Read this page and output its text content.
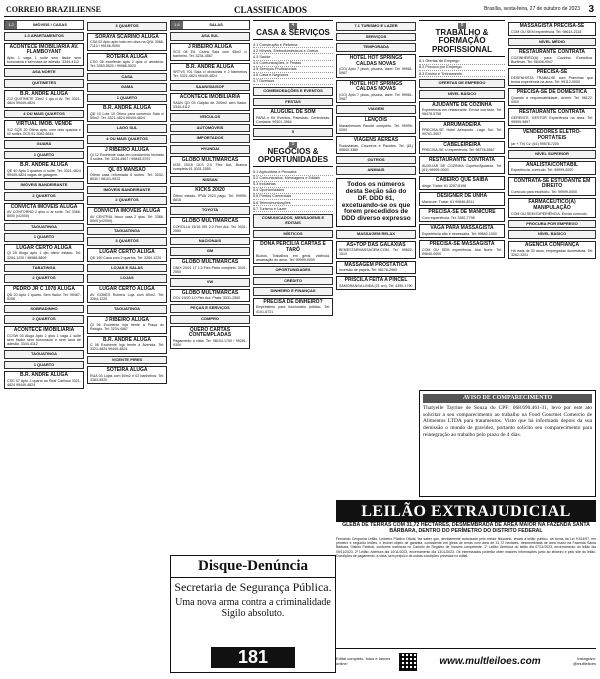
CORREIO BRAZILIENSE	CLASSIFICADOS	Brasília, sexta-feira, 27 de outubro de 2023 3
1.2	IMÓVEIS / CASAS
1.3 APARTAMENTOS
ACONTECE IMOBILIÁRIA AV. FLAMBOYANT
Apto 1 vaga 1 suíte sem fiador sem burocracia e sem taxa de adesão. 3344-4112
ASA NORTE
QUITINETES
B.R. ANDRE ALUGA
212 QUITINETE 33m2 1 qto c/ Ar. Tel: 3321-4824 99449-4824
4 OU MAIS QUARTOS
VIRTUAL IMOB. VENDE
312 SQS 20 Ótima apto, com dois quartos e 02 suítes OCS 61 3082-6644
GUARÁ
1 QUARTO
B.R. ANDRE ALUGA
QE 40 Apto 3 quartos c/ suíte. Tel: 3321-4824 99449-4824 vagas de garagem.
IMÓVEIS BANDEIRANTE
2 QUARTOS
CONVICTA IMÓVEIS ALUGA
AV CONTORNO 2 qtos c/ ar suíte. Tel: 3366-8000 (c/2000)
TAGUATINGA
1 QUARTO
LUGAR CERTO ALUGA
QI 25 Alugo apto 1 qto ótimo estado. Tel: 3264-1220 / 98988-8809
TABATINGA
2 QUARTOS
PEDRO JR C 1078 ALUGA
QD 20 Apto 1 quarto. Sem fiador. Tel: 99467-5258
SOBRADINHO
2 QUARTOS
ACONTECE IMOBILIÁRIA
CCSW 03 Alugo Apto 2 qtos 1 vaga 1 suíte sem fiador sem burocracia e sem taxa de adesão. 3344-4112
TAGUATINGA
1 QUARTO
B.R. ANDRE ALUGA
CSG 07 Apto 1 quarto ao Real Cariloca 3321-4824 99449-4824
3 QUARTOS
SORAYA SCARINO ALUGA
CSA 02 Apto apto todo em obra na QNL 3066-7110 / 99166-9090
ROTEIRA ALUGA
CSG 08 excelente apto 2 qtos c/ armários. Tel: 3363-5520 / 99986-5520
CASA
GAMA
1 QUARTO
B.R. ANDRE ALUGA
QD 10 Lote 10 Ótimo para comércio Sala c/ 50m2. Tel: 3321-4824 99449-4824
LAGO SUL
4 OU MAIS QUARTOS
J RIBEIRO ALUGA
QI 12 Excelente casa em condomínio fechado 4 suítes. Tel: 3234-4567 / 99845-6767
QL 03 MANSÃO
Ótima casa reformada 6 suítes. Tel: 3032-8030 / 98101-9923
IMÓVEIS BANDEIRANTE
2 QUARTOS
CONVICTA IMÓVEIS ALUGA
AV CENTRAL bloco casa 2 qtos. Tel: 3366-8000 (c/2000)
TAGUATINGA
3 QUARTOS
LUGAR CERTO ALUGA
QD 150 Casa com 2 quartos. Tel: 3264-1220
LOJAS E SALAS
LOJAS
LUGAR CERTO ALUGA
AV GOMES Rubens Loja com 80m2. Tel: 3264-1220
TAGUATINGA
J RIBEIRO ALUGA
QI 06 Excelente loja frente à Praça do Relógio. Tel: 3234-4567
B.R. ANDRE ALUGA
C 06 Excelente loja frente à Avenida. Tel: 3321-4824 99449-4824
VICENTE PIRES
SOTEIRA ALUGA
RUA 03 Lojas com 60m2 e 02 banheiros. Tel: 3363-5520
1.6	SALAS
ASA SUL
J RIBEIRO ALUGA
SCS 08 Ed. Ceará Sala com 45m2 c/ banheiro. Tel: 3234-4567
B.R. ANDRE ALUGA
SRTVS 701 Sala c/ divisórias e 2 banheiros Tel: 3321-4824 99449-4824
SAAN/SIA/SOF
ACONTECE IMOBILIÁRIA
SAAN QD 03 Galpão de 200m2 sem fiador. 3344-4112
VEÍCULOS
AUTOMÓVEIS
IMPORTADOS
HYUNDAI
GLOBO MULTIMARCAS
IX35 15/16 GLS 2.0 Flex Aut. Branca completa 61 3031-2550
NISSAN
KICKS 20/20
Ótimo estado, IPVA 2023 pago. Tel: 99999-6816
TOYOTA
GLOBO MULTIMARCAS
COROLLA 15/16 XEi 2.0 Flex Aut. Tel: 3031-2550
NACIONAIS
GM
GLOBO MULTIMARCAS
ONIX 20/21 LT 1.0 Flex Preto completo. 3031-2550
VW
GLOBO MULTIMARCAS
GOL 19/20 1.0 Flex Aut. Prata. 3031-2550
PEÇAS E SERVIÇOS
COMPRO
QUERO CARTAS CONTEMPLADAS
Pagamento à vista. Tel: 98104-1700 / 99261-9300
4
CASA & SERVIÇOS
4.1 Construção e Reforma
4.2 Móveis, Eletrodomésticos e Outros
4.3 Saúde
4.4 Comunicações, e Festas
4.5 Serviços Profissionais
4.6 Casa e Negócios
4.7 Diversos
COMEMORAÇÕES E EVENTOS
FESTAS
ALUGUEL DE SOM
PARA e Kit Eventos, Palestras, Cerimônias. Contatos: 99301-3564
5
5
NEGÓCIOS & OPORTUNIDADES
5.1 Agricultura e Pecuária
5.2 Comunicados, Mensagens e Editais
5.3 Indústrias
5.4 Oportunidades
5.5 Pontos Comerciais
5.6 Telecomunicações
5.7 Turismo e Lazer
COMUNICADOS, MENSAGENS E EDITAIS
MÍSTICOS
DONA PERCÍLIA CARTAS E TARÔ
Búzios, Trabalhos em geral, vidência, amarração do amor. Tel: 99999-0000
OPORTUNIDADES
CRÉDITO
DINHEIRO E FINANÇAS
PRECISA DE DINHEIRO?
Empréstimo para funcionário público. Tel: 4101-6721
7.1 TURISMO E LAZER
SERVIÇOS
TEMPORADA
HOTEL HOT SPRINGS CALDAS NOVAS
(GO) Apto 7 pisos, piscina, lazer. Tel: 99961-0987
HOTEL HOT SPRINGS CALDAS NOVAS
(GO) Apto 7 pisos, piscina, lazer. Tel: 99961-0987
VIAGEM
LENÇÓIS
Maranhenses Pacote completo. Tel: 99999-0000
VIAGENS AÉREAS
Rodoviárias, Cruzeiros e Pacotes. Tel: (61) 99840-3380
OUTROS
ANIMAIS
Todos os números desta Seção são do DF. DDD 61, excetuando-se os que forem precedidos de DDD diverso expresso
MASSAGEM RELAX
AS+TOP DAS GALÁXIAS
BEMESTARMASSAGEM.COM. Tel: 99602-1510
MASSAGEM PROSTÁTICA
Inversão de papéis. Tel: 98178-2560
PRISCILA FEITA A PINCEL
SAMORANGA LINDA (21 cm). Tel: 4399-1790
8
TRABALHO & FORMAÇÃO PROFISSIONAL
8.1 Ofertas de Emprego
8.2 Procura por Emprego
8.3 Ensino e Treinamento
OFERTAS DE EMPREGO
NÍVEL BÁSICO
AJUDANTE DE COZINHA
Experiência em restaurante. Enviar currículo. Tel: 98478-5758
ARRUMADEIRA
PRECISA-SE Hotel Aeroporto. Lago Sul. Tel: 99761-3007
CABELEIREIRA
PRECISA-SE c/ experiência. Tel: 98778-5567
RESTAURANTE CONTRATA
AUXILIAR DE COZINHA Copeiro/Ajudante. Tel: (61) 99999-0000
CABEIRO QUE SAIBA
dirigir. Tratar: 61 3257-8198
DESIGNER DE UNHA
Manicure. Tratar: 61 99846-8911
PRECISA-SE DE MANICURE
Com experiência. Tel: 3382-7798
VAGA PARA MASSAGISTA
Experiência não é necessária. Tel: 99840-1000
PRECISA-SE MASSAGISTA
COM OU SEM experiência. Asa Norte. Tel: 99840-0000
MASSAGISTA PRECISA-SE
COM OU SEM experiência. Tel: 98614-2118
NÍVEL MÉDIO
RESTAURANTE CONTRATA
COZINHEIRO(A) para Cozinha Executiva. Buritinan. Tel: 98406-9047
PRECISA-SE
DESENHISTA TRABALHE com Pranchas que tenha experiência na área. Tel: 99112-0000
PRECISA-SE DE DOMÉSTICA
Quando a responsabilidade, dormir. Tel: 98122-0000
RESTAURANTE CONTRATA
GERENTE, GESTOR Experiência na área. Tel: 99999-9897
VENDEDORES ELETRO-PORTÁTEIS
(ar + TV) Cv. (61) 99578-7200
NÍVEL SUPERIOR
ANALISTA/CONTÁBIL
Experiência. currículo. Tel: 99999-0000
CONTRATA-SE ESTUDANTE EM DIREITO
Currículo para escritório. Tel: 99999-0000
FARMACÊUTICO(A) MANIPULAÇÃO
COM OU SEM EXPERIÊNCIA. Enviar currículo.
PROCURA POR EMPREGO
NÍVEL BÁSICO
AGÊNCIA CONFIANÇA
Há mais de 30 anos, empregadas domésticas. Tel: 3262-3201
AVISO DE COMPARECIMENTO
Thatyelle Tayrine de Souza do CPF: 068.690.461-31, levo por este ato solicitar a seu comparecimento ao trabalho na Food Gourmet Comercio de Alimentos LTDA para tratamentos. Visto que há informado depois da sua demissão o mundo de gravidez, portanto solicito seu comparecimento para reintegração ao trabalho pelo prazo de 4 dias.
Disque-Denúncia
Secretaria de Segurança Pública.
Uma nova arma contra a criminalidade Sigilo absoluto.
181
LEILÃO EXTRAJUDICIAL
GLEBA DE TERRAS COM 31,72 HECTARES, DESMEMBRADA DE ÁREA MAIOR NA FAZENDA SANTA BÁRBARA, DENTRO DO PERÍMETRO DO DISTRITO FEDERAL
Fernando Cerqueira Leilão, Leiloeiro Público Oficial, faz saber que, devidamente autorizado pelo credor fiduciário, levará a leilão público, na forma da Lei 9.514/97, em primeiro e segundo leilões, o imóvel objeto de garantia, consistente em gleba de terras com área de 31,72 hectares, desmembrada de área maior na Fazenda Santa Bárbara, Distrito Federal, conforme matrícula no Cartório de Registro de Imóveis competente. 1º Leilão: Abertura do leilão dia 07/11/2023, encerramento do leilão dia 09/11/2023. 2º Leilão: Abertura dia 10/11/2023, encerramento dia 13/11/2023. Os interessados poderão obter maiores informações junto ao leiloeiro e pelo site do leilão. Condições de pagamento: à vista, sem prejuízo de outras condições previstas no edital.
Edital completo, fotos e lances online:	www.multleiloes.com	Instagram: @multleiloes
